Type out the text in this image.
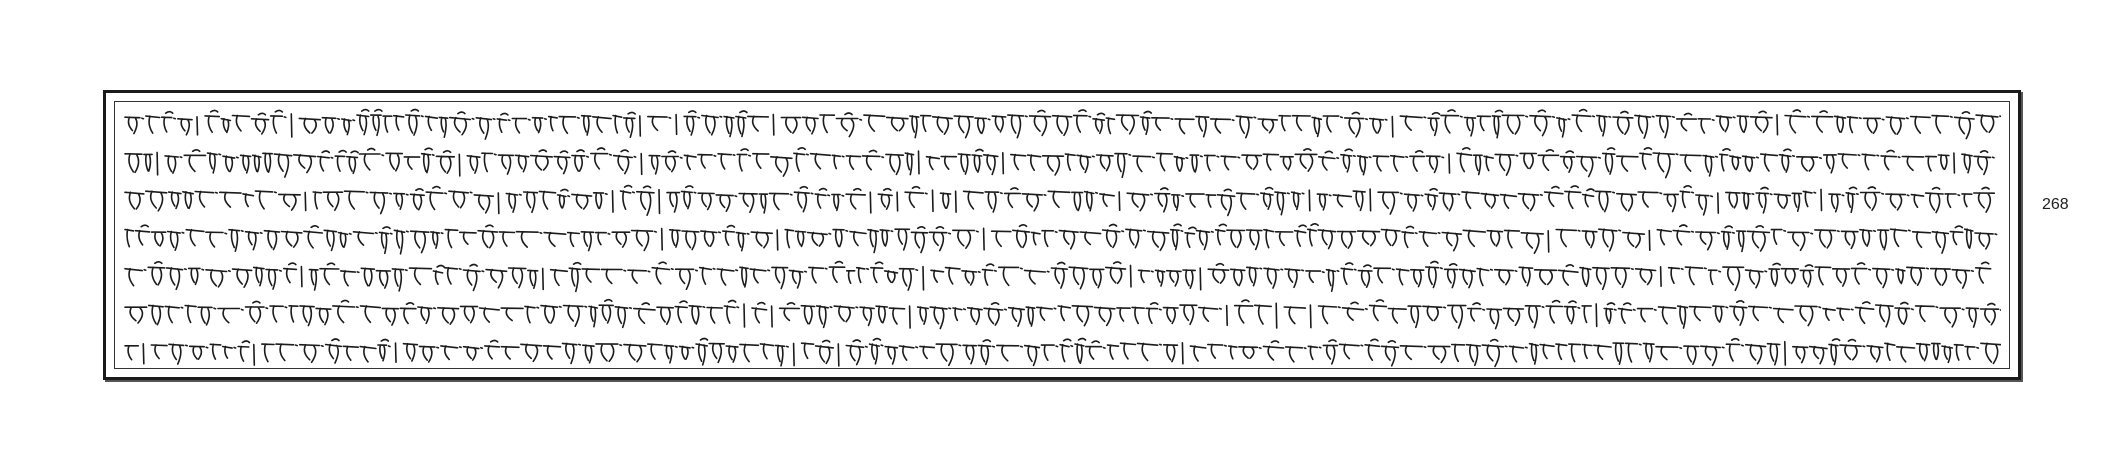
268
